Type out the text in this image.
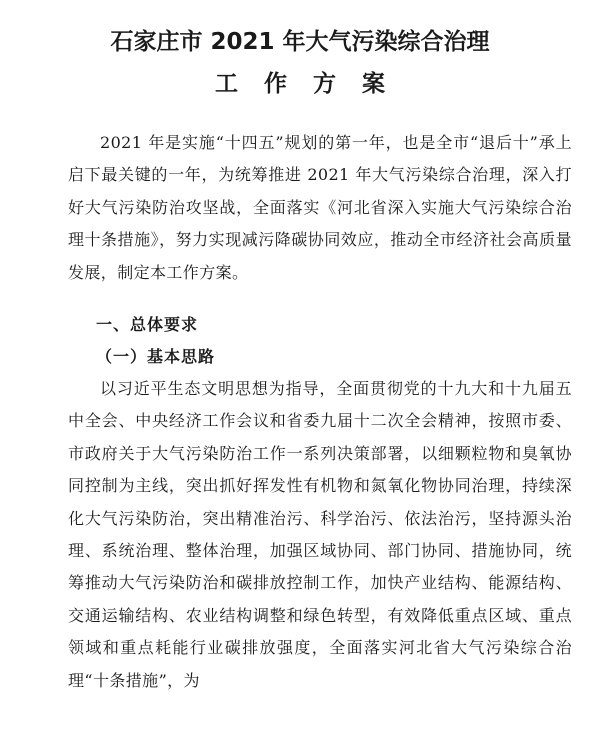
石家庄市 2021 年大气污染综合治理
工作方案

2021 年是实施“十四五”规划的第一年，也是全市“退后十”承上启下最关键的一年，为统筹推进 2021 年大气污染综合治理，深入打好大气污染防治攻坚战，全面落实《河北省深入实施大气污染综合治理十条措施》，努力实现减污降碳协同效应，推动全市经济社会高质量发展，制定本工作方案。

一、总体要求

（一）基本思路

以习近平生态文明思想为指导，全面贯彻党的十九大和十九届五中全会、中央经济工作会议和省委九届十二次全会精神，按照市委、市政府关于大气污染防治工作一系列决策部署，以细颗粒物和臭氧协同控制为主线，突出抓好挥发性有机物和氮氧化物协同治理，持续深化大气污染防治，突出精准治污、科学治污、依法治污，坚持源头治理、系统治理、整体治理，加强区域协同、部门协同、措施协同，统筹推动大气污染防治和碳排放控制工作，加快产业结构、能源结构、交通运输结构、农业结构调整和绿色转型，有效降低重点区域、重点领域和重点耗能行业碳排放强度，全面落实河北省大气污染综合治理“十条措施”，为
